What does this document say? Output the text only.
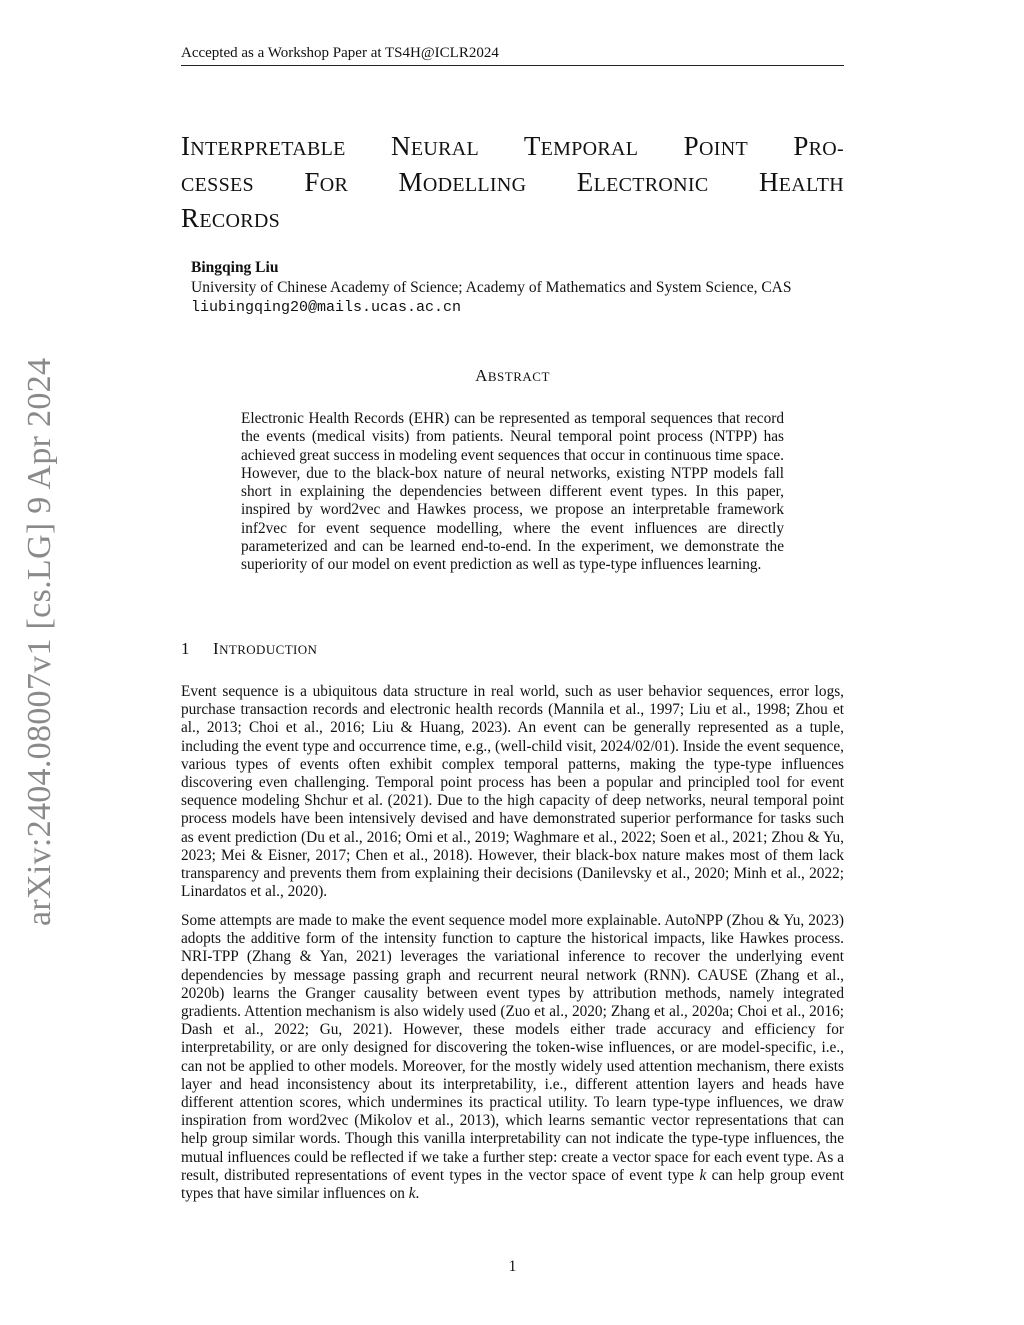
Accepted as a Workshop Paper at TS4H@ICLR2024
INTERPRETABLE NEURAL TEMPORAL POINT PRO-
CESSES FOR MODELLING ELECTRONIC HEALTH
RECORDS
Bingqing Liu
University of Chinese Academy of Science; Academy of Mathematics and System Science, CAS
liubingqing20@mails.ucas.ac.cn
arXiv:2404.08007v1 [cs.LG] 9 Apr 2024	ABSTRACT
Electronic Health Records (EHR) can be represented as temporal sequences that record the events (medical visits) from patients. Neural temporal point process (NTPP) has achieved great success in modeling event sequences that occur in continuous time space. However, due to the black-box nature of neural networks, existing NTPP models fall short in explaining the dependencies between different event types. In this paper, inspired by word2vec and Hawkes process, we propose an interpretable framework inf2vec for event sequence modelling, where the event influences are directly parameterized and can be learned end-to-end. In the experiment, we demonstrate the superiority of our model on event prediction as well as type-type influences learning.
1 INTRODUCTION

Event sequence is a ubiquitous data structure in real world, such as user behavior sequences, error logs, purchase transaction records and electronic health records (Mannila et al., 1997; Liu et al., 1998; Zhou et al., 2013; Choi et al., 2016; Liu & Huang, 2023). An event can be generally represented as a tuple, including the event type and occurrence time, e.g., (well-child visit, 2024/02/01). Inside the event sequence, various types of events often exhibit complex temporal patterns, making the type-type influences discovering even challenging. Temporal point process has been a popular and principled tool for event sequence modeling Shchur et al. (2021). Due to the high capacity of deep networks, neural temporal point process models have been intensively devised and have demonstrated superior performance for tasks such as event prediction (Du et al., 2016; Omi et al., 2019; Waghmare et al., 2022; Soen et al., 2021; Zhou & Yu, 2023; Mei & Eisner, 2017; Chen et al., 2018). However, their black-box nature makes most of them lack transparency and prevents them from explaining their decisions (Danilevsky et al., 2020; Minh et al., 2022; Linardatos et al., 2020).

Some attempts are made to make the event sequence model more explainable. AutoNPP (Zhou & Yu, 2023) adopts the additive form of the intensity function to capture the historical impacts, like Hawkes process. NRI-TPP (Zhang & Yan, 2021) leverages the variational inference to recover the underlying event dependencies by message passing graph and recurrent neural network (RNN). CAUSE (Zhang et al., 2020b) learns the Granger causality between event types by attribution methods, namely integrated gradients. Attention mechanism is also widely used (Zuo et al., 2020; Zhang et al., 2020a; Choi et al., 2016; Dash et al., 2022; Gu, 2021). However, these models either trade accuracy and efficiency for interpretability, or are only designed for discovering the token-wise influences, or are model-specific, i.e., can not be applied to other models. Moreover, for the mostly widely used attention mechanism, there exists layer and head inconsistency about its interpretability, i.e., different attention layers and heads have different attention scores, which undermines its practical utility. To learn type-type influences, we draw inspiration from word2vec (Mikolov et al., 2013), which learns semantic vector representations that can help group similar words. Though this vanilla interpretability can not indicate the type-type influences, the mutual influences could be reflected if we take a further step: create a vector space for each event type. As a result, distributed representations of event types in the vector space of event type k can help group event types that have similar influences on k.

1
